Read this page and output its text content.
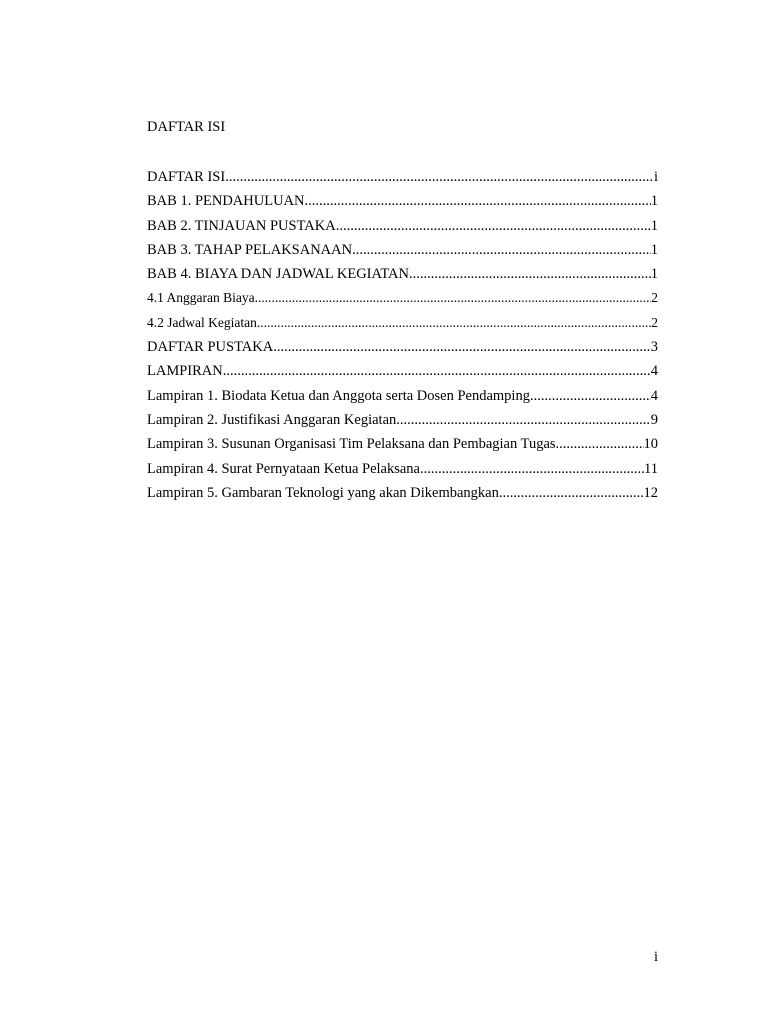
DAFTAR ISI
DAFTAR ISI .....	i
BAB 1. PENDAHULUAN .....	1
BAB 2. TINJAUAN PUSTAKA .....	1
BAB 3. TAHAP PELAKSANAAN .....	1
BAB 4. BIAYA DAN JADWAL KEGIATAN .....	1
4.1 Anggaran Biaya .....	2
4.2 Jadwal Kegiatan .....	2
DAFTAR PUSTAKA .....	3
LAMPIRAN .....	4
Lampiran 1. Biodata Ketua dan Anggota serta Dosen Pendamping .....	4
Lampiran 2. Justifikasi Anggaran Kegiatan .....	9
Lampiran 3. Susunan Organisasi Tim Pelaksana dan Pembagian Tugas .....	10
Lampiran 4. Surat Pernyataan Ketua Pelaksana .....	11
Lampiran 5. Gambaran Teknologi yang akan Dikembangkan .....	12
i
